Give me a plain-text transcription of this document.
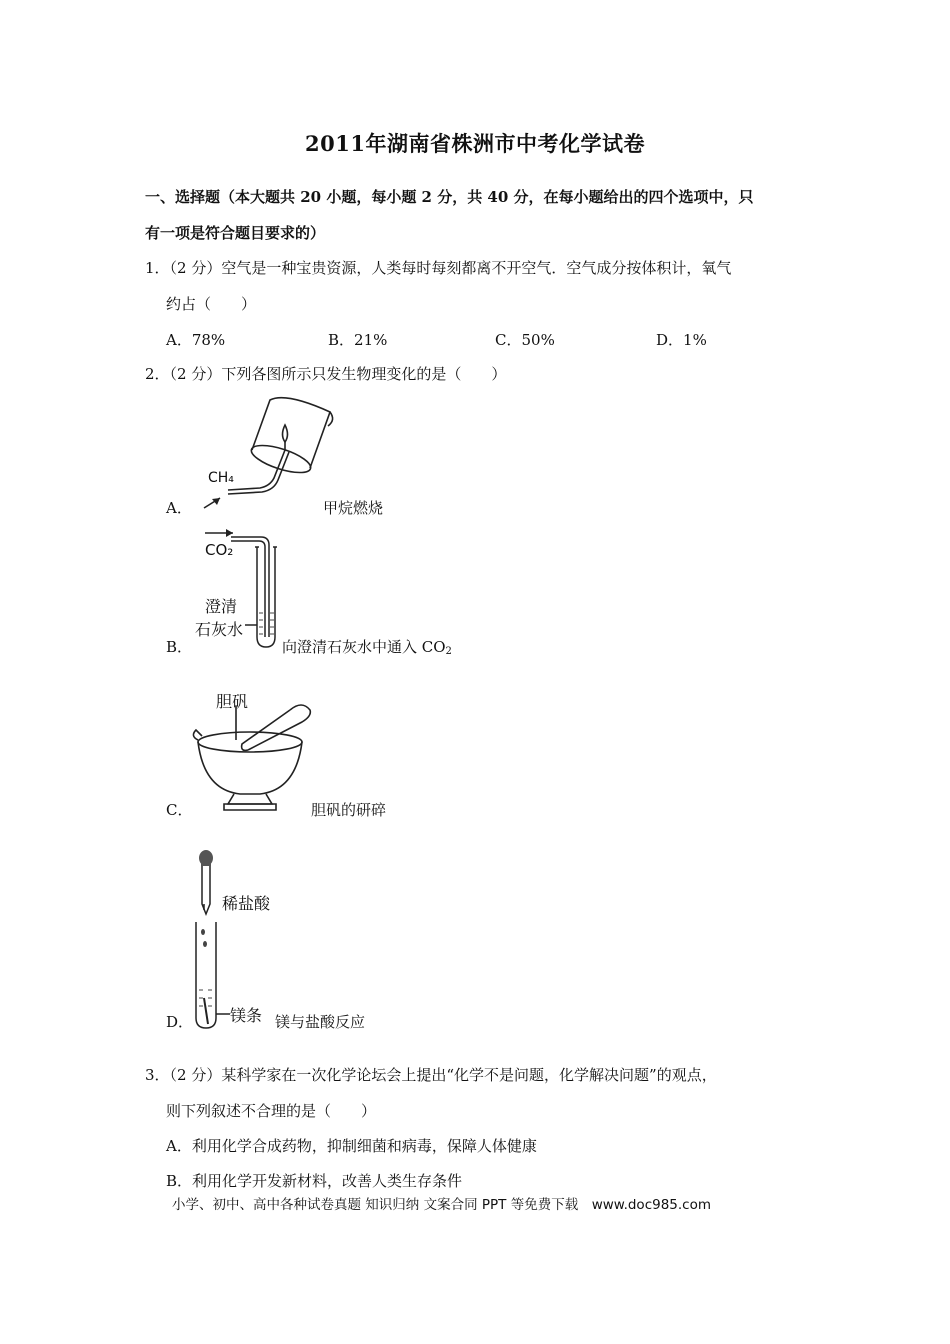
2011年湖南省株洲市中考化学试卷
一、选择题（本大题共 20 小题，每小题 2 分，共 40 分，在每小题给出的四个选项中，只
有一项是符合题目要求的）
1．（2 分）空气是一种宝贵资源，人类每时每刻都离不开空气．空气成分按体积计，氧气
约占（　　）
A．78%	B．21%	C．50%	D．1%
2．（2 分）下列各图所示只发生物理变化的是（　　）
CH₄
A．	甲烷燃烧
CO₂
澄清
石灰水
B．	向澄清石灰水中通入 $CO_2$
胆矾
C．	胆矾的研碎
稀盐酸
镁条
D．	镁与盐酸反应
3．（2 分）某科学家在一次化学论坛会上提出“化学不是问题，化学解决问题”的观点，
则下列叙述不合理的是（　　）
A．利用化学合成药物，抑制细菌和病毒，保障人体健康
B．利用化学开发新材料，改善人类生存条件
小学、初中、高中各种试卷真题 知识归纳 文案合同 PPT 等免费下载　www.doc985.com
